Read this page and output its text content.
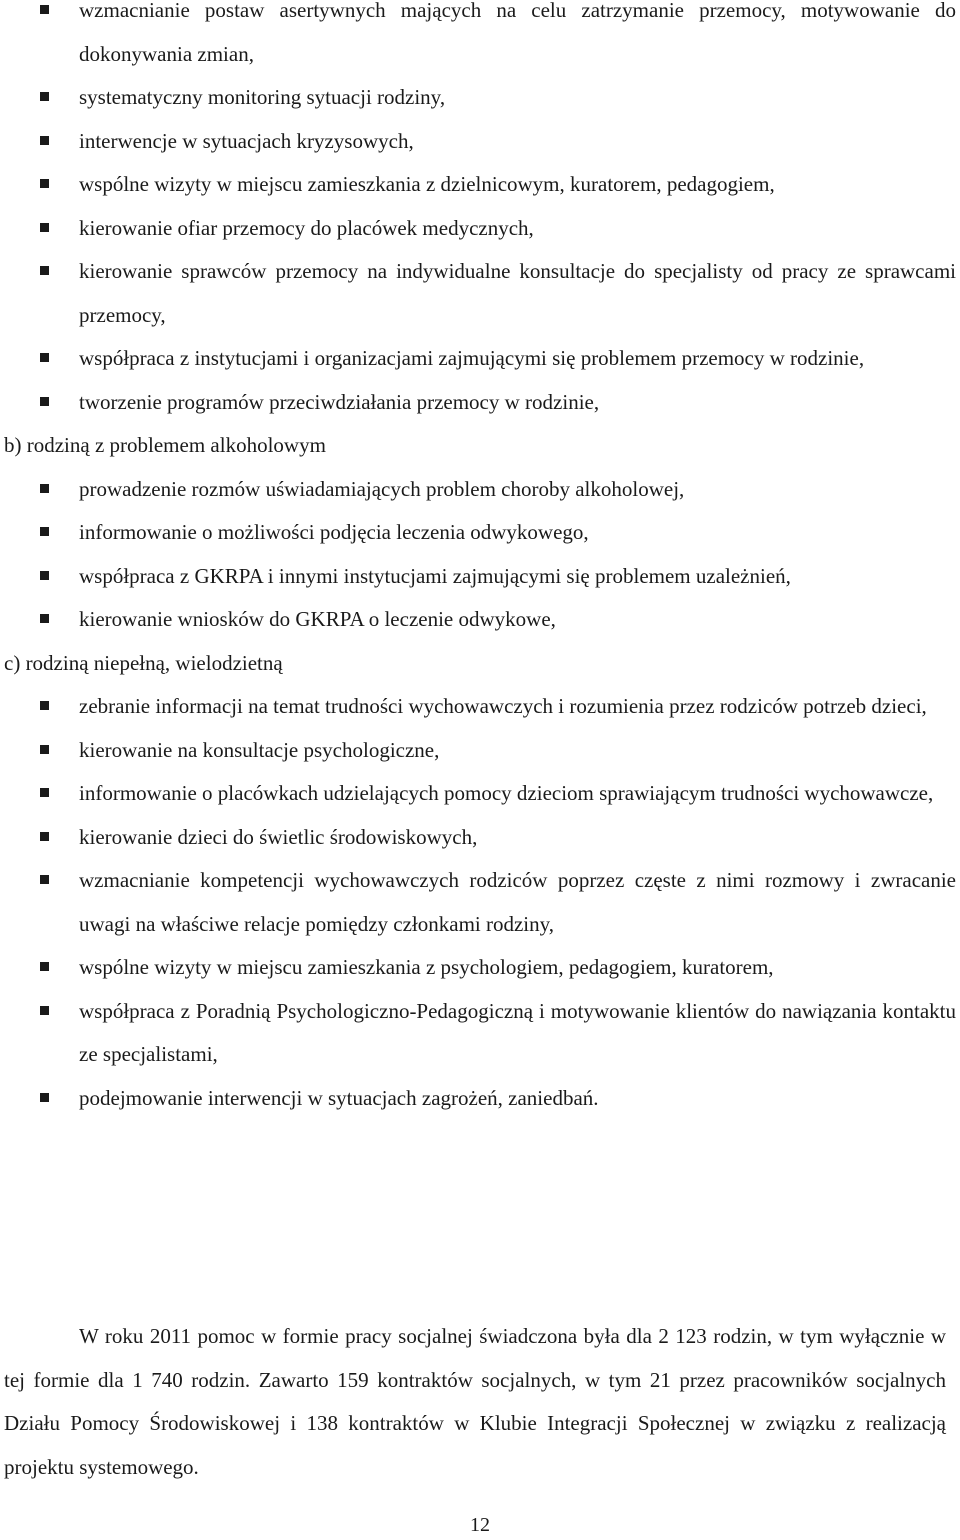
wzmacnianie postaw asertywnych mających na celu zatrzymanie przemocy, motywowanie do dokonywania zmian,
systematyczny monitoring sytuacji rodziny,
interwencje w sytuacjach kryzysowych,
wspólne wizyty w miejscu zamieszkania z dzielnicowym, kuratorem, pedagogiem,
kierowanie ofiar przemocy do placówek medycznych,
kierowanie sprawców przemocy na indywidualne konsultacje do specjalisty od pracy ze sprawcami przemocy,
współpraca z instytucjami i organizacjami zajmującymi się problemem przemocy w rodzinie,
tworzenie programów przeciwdziałania przemocy w rodzinie,
b) rodziną z problemem alkoholowym
prowadzenie rozmów uświadamiających problem choroby alkoholowej,
informowanie o możliwości podjęcia leczenia odwykowego,
współpraca z GKRPA i innymi instytucjami zajmującymi się problemem uzależnień,
kierowanie wniosków do GKRPA o leczenie odwykowe,
c) rodziną niepełną, wielodzietną
zebranie informacji na temat trudności wychowawczych i rozumienia przez rodziców potrzeb dzieci,
kierowanie na konsultacje psychologiczne,
informowanie o placówkach udzielających pomocy dzieciom sprawiającym trudności wychowawcze,
kierowanie dzieci do świetlic środowiskowych,
wzmacnianie kompetencji wychowawczych rodziców poprzez częste z nimi rozmowy i zwracanie uwagi na właściwe relacje pomiędzy członkami rodziny,
wspólne wizyty w miejscu zamieszkania z psychologiem, pedagogiem, kuratorem,
współpraca z Poradnią Psychologiczno-Pedagogiczną i motywowanie klientów do nawiązania kontaktu ze specjalistami,
podejmowanie interwencji w sytuacjach zagrożeń, zaniedbań.

W roku 2011 pomoc w formie pracy socjalnej świadczona była dla 2 123 rodzin, w tym wyłącznie w tej formie dla 1 740 rodzin. Zawarto 159 kontraktów socjalnych, w tym 21 przez pracowników socjalnych Działu Pomocy Środowiskowej i 138 kontraktów w Klubie Integracji Społecznej w związku z realizacją projektu systemowego.

12
